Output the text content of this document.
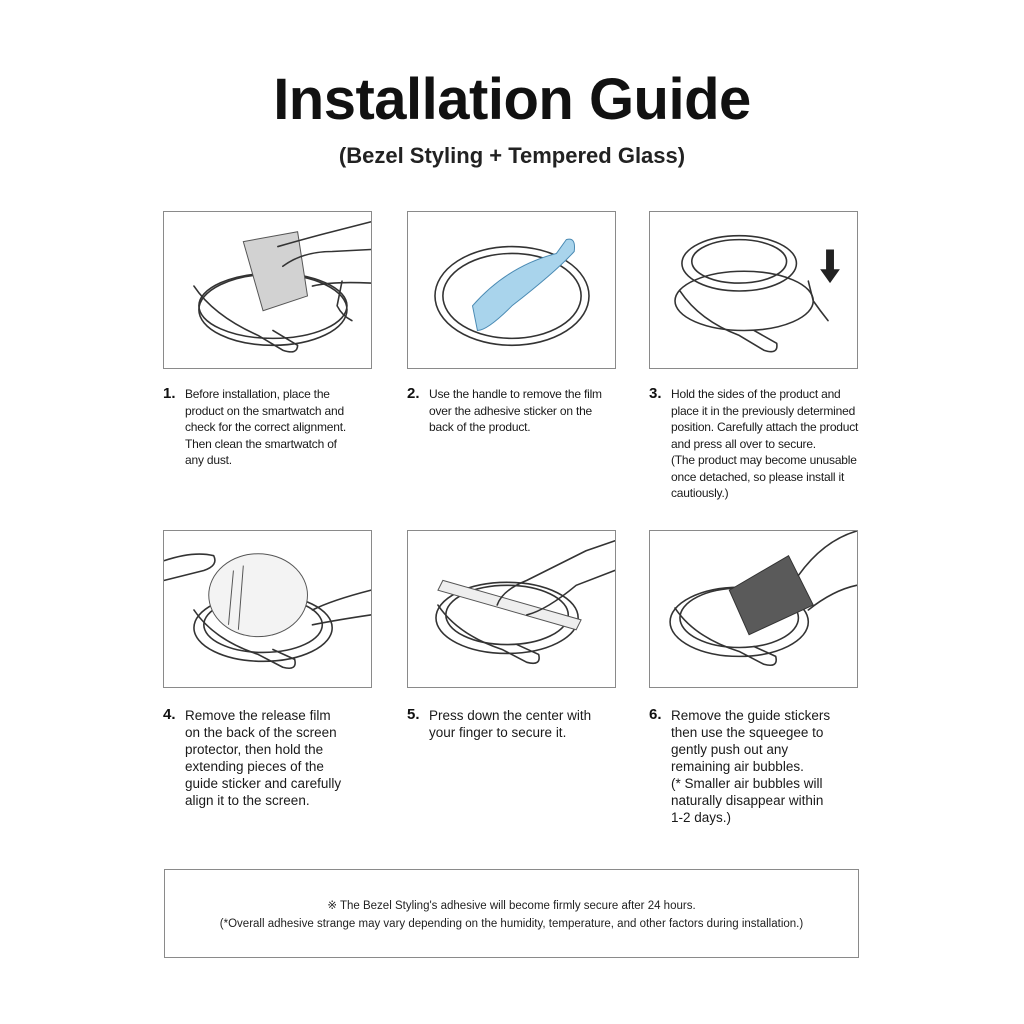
Installation Guide
(Bezel Styling + Tempered Glass)
1. Before installation, place the
product on the smartwatch and
check for the correct alignment.
Then clean the smartwatch of
any dust.
2. Use the handle to remove the film
over the adhesive sticker on the
back of the product.
3. Hold the sides of the product and
place it in the previously determined
position. Carefully attach the product
and press all over to secure.
(The product may become unusable
once detached, so please install it
cautiously.)
4. Remove the release film
on the back of the screen
protector, then hold the
extending pieces of the
guide sticker and carefully
align it to the screen.
5. Press down the center with
your finger to secure it.
6. Remove the guide stickers
then use the squeegee to
gently push out any
remaining air bubbles.
(* Smaller air bubbles will
naturally disappear within
1-2 days.)
※ The Bezel Styling's adhesive will become firmly secure after 24 hours.
(*Overall adhesive strange may vary depending on the humidity, temperature, and other factors during installation.)
